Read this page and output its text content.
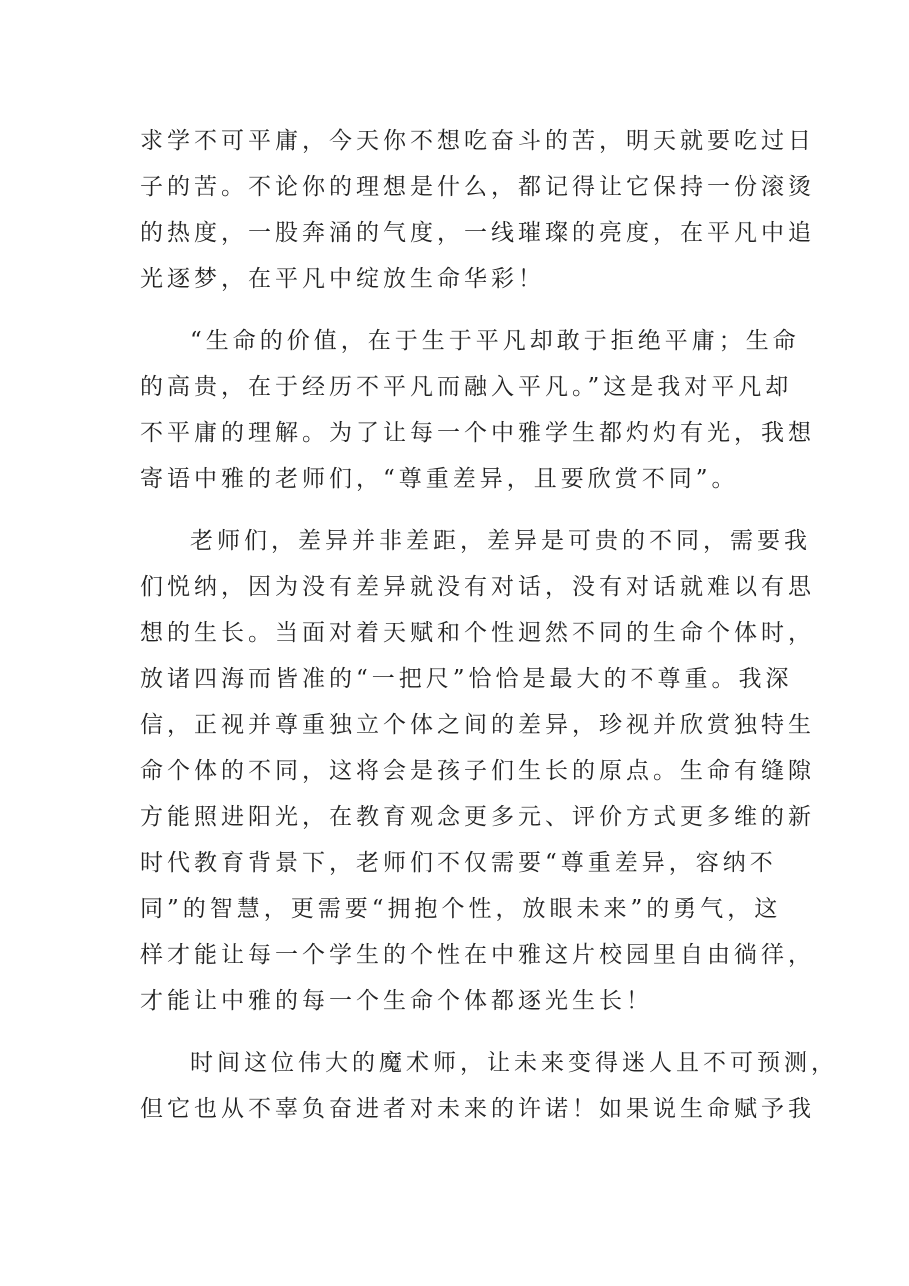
求学不可平庸，今天你不想吃奋斗的苦，明天就要吃过日
子的苦。不论你的理想是什么，都记得让它保持一份滚烫
的热度，一股奔涌的气度，一线璀璨的亮度，在平凡中追
光逐梦，在平凡中绽放生命华彩！
“生命的价值，在于生于平凡却敢于拒绝平庸；生命
的高贵，在于经历不平凡而融入平凡。”这是我对平凡却
不平庸的理解。为了让每一个中雅学生都灼灼有光，我想
寄语中雅的老师们，“尊重差异，且要欣赏不同”。
老师们，差异并非差距，差异是可贵的不同，需要我
们悦纳，因为没有差异就没有对话，没有对话就难以有思
想的生长。当面对着天赋和个性迥然不同的生命个体时，
放诸四海而皆准的“一把尺”恰恰是最大的不尊重。我深
信，正视并尊重独立个体之间的差异，珍视并欣赏独特生
命个体的不同，这将会是孩子们生长的原点。生命有缝隙
方能照进阳光，在教育观念更多元、评价方式更多维的新
时代教育背景下，老师们不仅需要“尊重差异，容纳不
同”的智慧，更需要“拥抱个性，放眼未来”的勇气，这
样才能让每一个学生的个性在中雅这片校园里自由徜徉，
才能让中雅的每一个生命个体都逐光生长！
时间这位伟大的魔术师，让未来变得迷人且不可预测，
但它也从不辜负奋进者对未来的许诺！如果说生命赋予我
